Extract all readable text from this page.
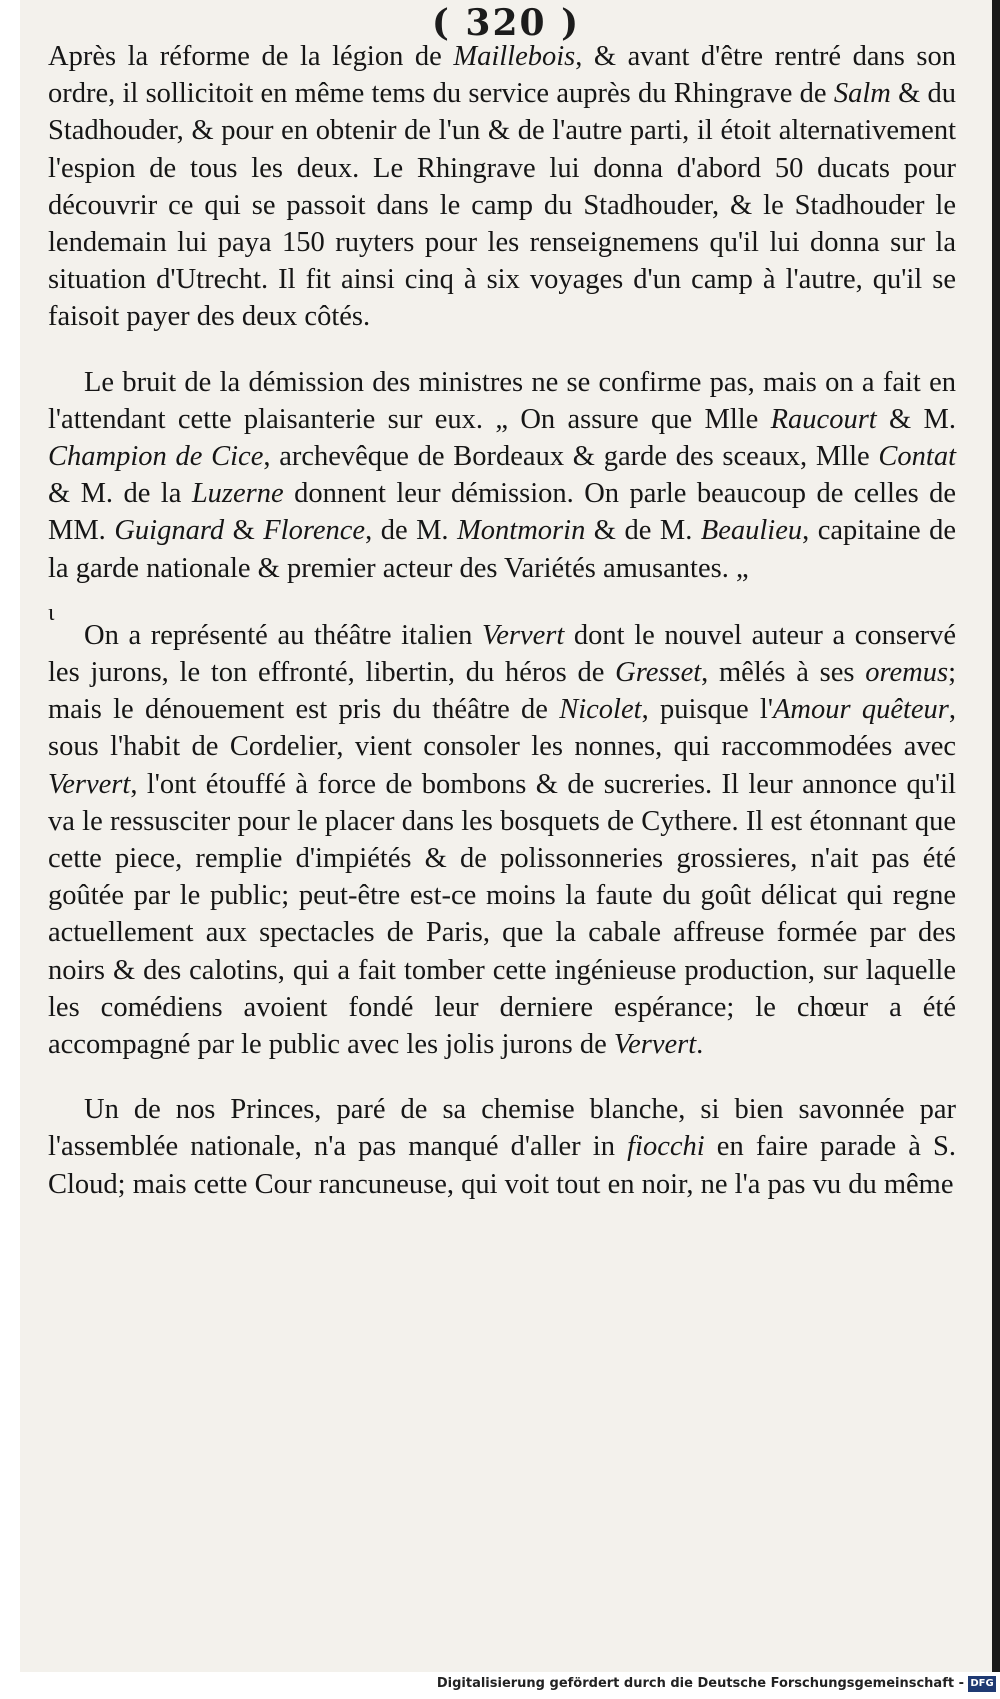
( 320 )

Après la réforme de la légion de Maillebois, & avant d'être rentré dans son ordre, il sollicitoit en même tems du service auprès du Rhingrave de Salm & du Stadhouder, & pour en obtenir de l'un & de l'autre parti, il étoit alternativement l'espion de tous les deux. Le Rhingrave lui donna d'abord 50 ducats pour découvrir ce qui se passoit dans le camp du Stadhouder, & le Stadhouder le lendemain lui paya 150 ruyters pour les renseignemens qu'il lui donna sur la situation d'Utrecht. Il fit ainsi cinq à six voyages d'un camp à l'autre, qu'il se faisoit payer des deux côtés.

Le bruit de la démission des ministres ne se confirme pas, mais on a fait en l'attendant cette plaisanterie sur eux. „ On assure que Mlle Raucourt & M. Champion de Cice, archevêque de Bordeaux & garde des sceaux, Mlle Contat & M. de la Luzerne donnent leur démission. On parle beaucoup de celles de MM. Guignard & Florence, de M. Montmorin & de M. Beaulieu, capitaine de la garde nationale & premier acteur des Variétés amusantes. „

ɩ

On a représenté au théâtre italien Ververt dont le nouvel auteur a conservé les jurons, le ton effronté, libertin, du héros de Gresset, mêlés à ses oremus; mais le dénouement est pris du théâtre de Nicolet, puisque l'Amour quêteur, sous l'habit de Cordelier, vient consoler les nonnes, qui raccommodées avec Ververt, l'ont étouffé à force de bombons & de sucreries. Il leur annonce qu'il va le ressusciter pour le placer dans les bosquets de Cythere. Il est étonnant que cette piece, remplie d'impiétés & de polissonneries grossieres, n'ait pas été goûtée par le public; peut-être est-ce moins la faute du goût délicat qui regne actuellement aux spectacles de Paris, que la cabale affreuse formée par des noirs & des calotins, qui a fait tomber cette ingénieuse production, sur laquelle les comédiens avoient fondé leur derniere espérance; le chœur a été accompagné par le public avec les jolis jurons de Ververt.

Un de nos Princes, paré de sa chemise blanche, si bien savonnée par l'assemblée nationale, n'a pas manqué d'aller in fiocchi en faire parade à S. Cloud; mais cette Cour rancuneuse, qui voit tout en noir, ne l'a pas vu du même

Digitalisierung gefördert durch die Deutsche Forschungsgemeinschaft - DFG
